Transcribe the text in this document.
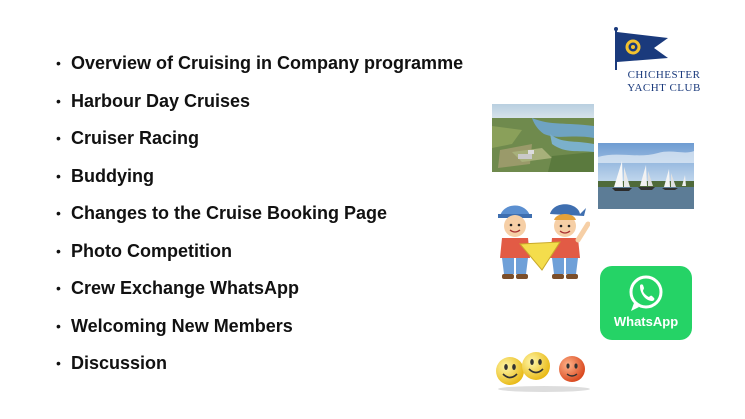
• Overview of Cruising in Company programme
• Harbour Day Cruises
• Cruiser Racing
• Buddying
• Changes to the Cruise Booking Page
• Photo Competition
• Crew Exchange WhatsApp
• Welcoming New Members
• Discussion
CHICHESTER
YACHT CLUB
WhatsApp
